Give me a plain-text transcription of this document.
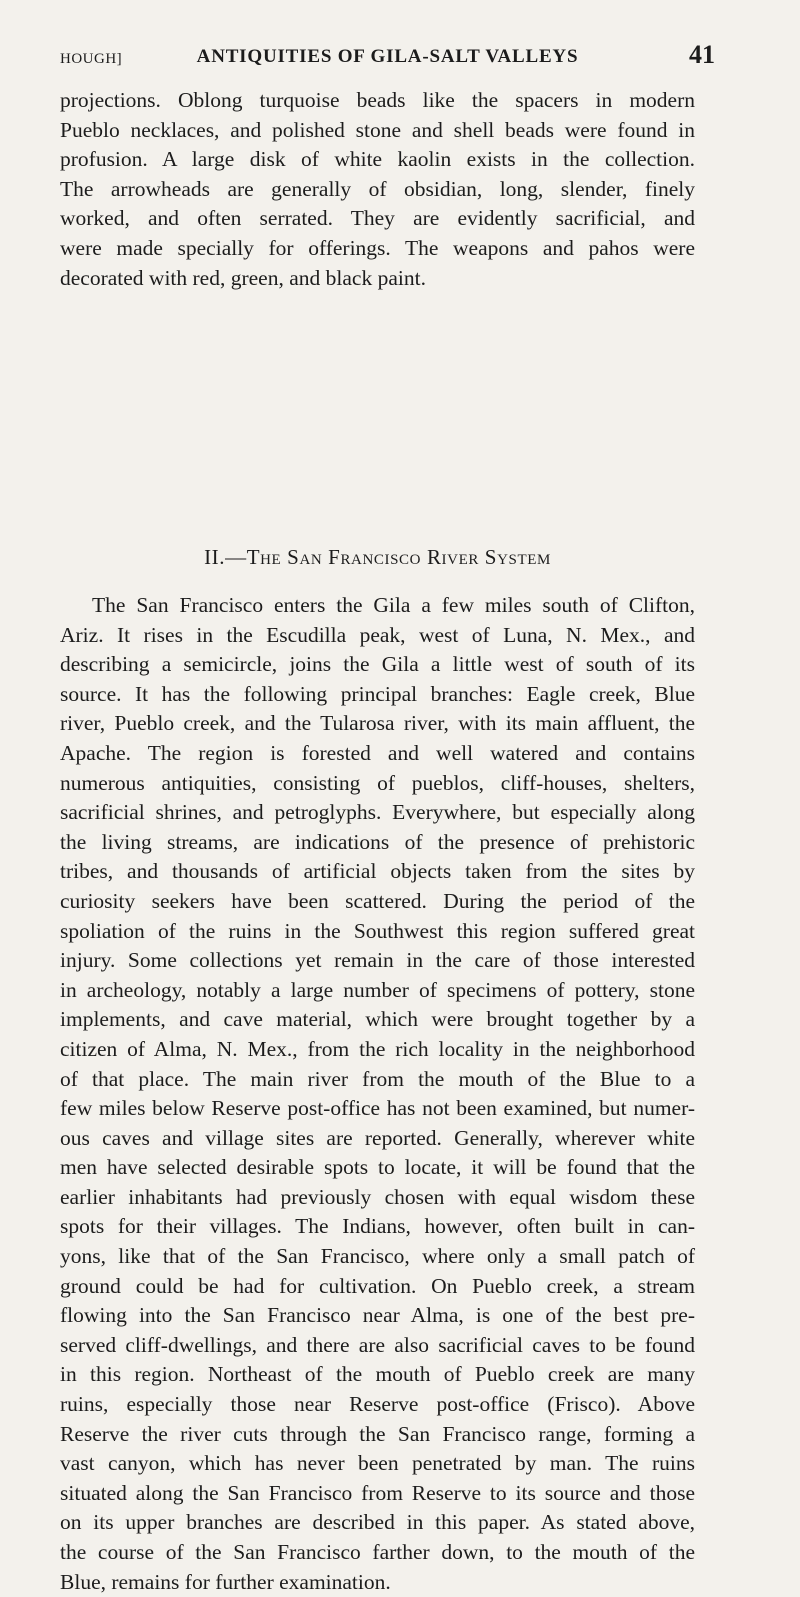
HOUGH]	ANTIQUITIES OF GILA-SALT VALLEYS	41

projections. Oblong turquoise beads like the spacers in modern
Pueblo necklaces, and polished stone and shell beads were found in
profusion. A large disk of white kaolin exists in the collection.
The arrowheads are generally of obsidian, long, slender, finely
worked, and often serrated. They are evidently sacrificial, and
were made specially for offerings. The weapons and pahos were
decorated with red, green, and black paint.

II.—The San Francisco River System

The San Francisco enters the Gila a few miles south of Clifton,
Ariz. It rises in the Escudilla peak, west of Luna, N. Mex., and
describing a semicircle, joins the Gila a little west of south of its
source. It has the following principal branches: Eagle creek, Blue
river, Pueblo creek, and the Tularosa river, with its main affluent, the
Apache. The region is forested and well watered and contains
numerous antiquities, consisting of pueblos, cliff-houses, shelters,
sacrificial shrines, and petroglyphs. Everywhere, but especially along
the living streams, are indications of the presence of prehistoric
tribes, and thousands of artificial objects taken from the sites by
curiosity seekers have been scattered. During the period of the
spoliation of the ruins in the Southwest this region suffered great
injury. Some collections yet remain in the care of those interested
in archeology, notably a large number of specimens of pottery, stone
implements, and cave material, which were brought together by a
citizen of Alma, N. Mex., from the rich locality in the neighborhood
of that place. The main river from the mouth of the Blue to a
few miles below Reserve post-office has not been examined, but numer-
ous caves and village sites are reported. Generally, wherever white
men have selected desirable spots to locate, it will be found that the
earlier inhabitants had previously chosen with equal wisdom these
spots for their villages. The Indians, however, often built in can-
yons, like that of the San Francisco, where only a small patch of
ground could be had for cultivation. On Pueblo creek, a stream
flowing into the San Francisco near Alma, is one of the best pre-
served cliff-dwellings, and there are also sacrificial caves to be found
in this region. Northeast of the mouth of Pueblo creek are many
ruins, especially those near Reserve post-office (Frisco). Above
Reserve the river cuts through the San Francisco range, forming a
vast canyon, which has never been penetrated by man. The ruins
situated along the San Francisco from Reserve to its source and those
on its upper branches are described in this paper. As stated above,
the course of the San Francisco farther down, to the mouth of the
Blue, remains for further examination.
